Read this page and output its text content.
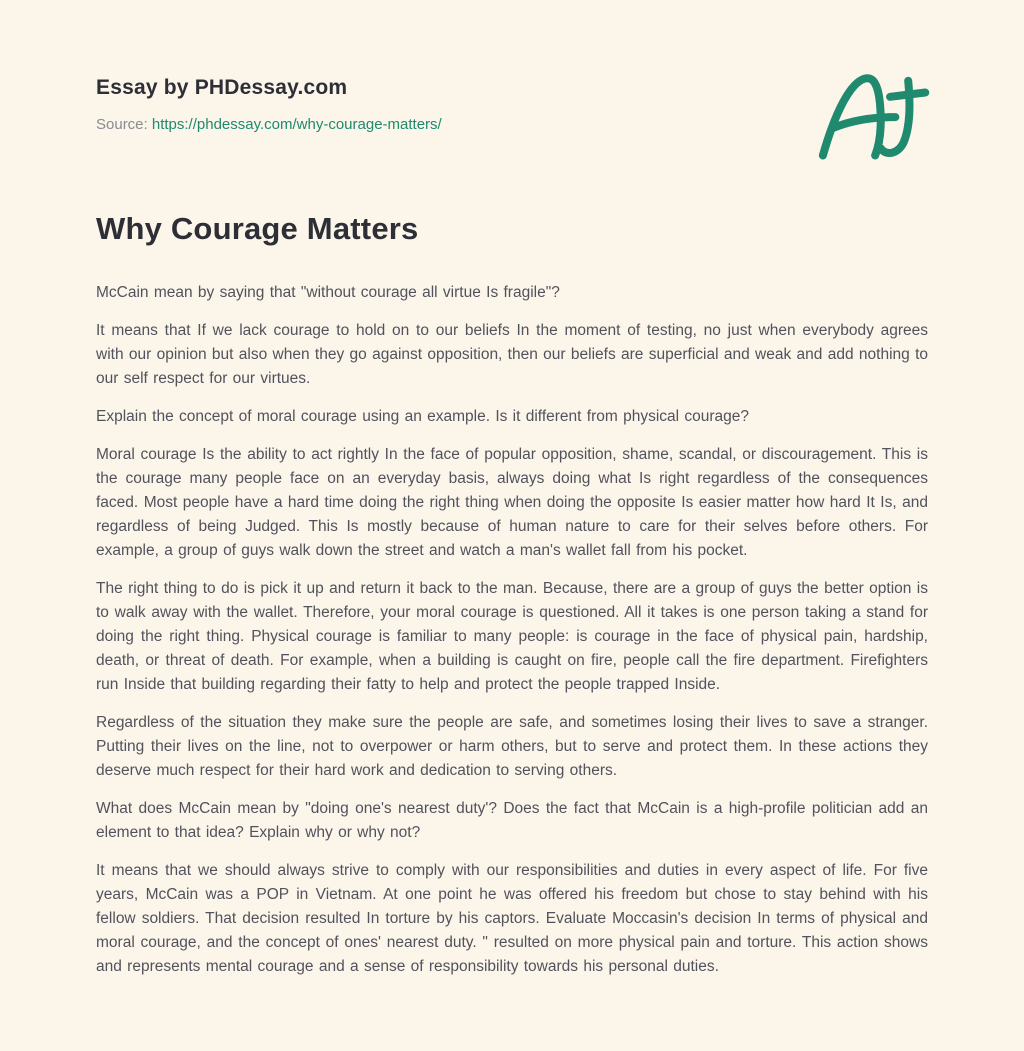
Essay by PHDessay.com
Source: https://phdessay.com/why-courage-matters/
Why Courage Matters

McCain mean by saying that "without courage all virtue Is fragile"?

It means that If we lack courage to hold on to our beliefs In the moment of testing, no just when everybody agrees with our opinion but also when they go against opposition, then our beliefs are superficial and weak and add nothing to our self respect for our virtues.

Explain the concept of moral courage using an example. Is it different from physical courage?

Moral courage Is the ability to act rightly In the face of popular opposition, shame, scandal, or discouragement. This is the courage many people face on an everyday basis, always doing what Is right regardless of the consequences faced. Most people have a hard time doing the right thing when doing the opposite Is easier matter how hard It Is, and regardless of being Judged. This Is mostly because of human nature to care for their selves before others. For example, a group of guys walk down the street and watch a man's wallet fall from his pocket.

The right thing to do is pick it up and return it back to the man. Because, there are a group of guys the better option is to walk away with the wallet. Therefore, your moral courage is questioned. All it takes is one person taking a stand for doing the right thing. Physical courage is familiar to many people: is courage in the face of physical pain, hardship, death, or threat of death. For example, when a building is caught on fire, people call the fire department. Firefighters run Inside that building regarding their fatty to help and protect the people trapped Inside.

Regardless of the situation they make sure the people are safe, and sometimes losing their lives to save a stranger. Putting their lives on the line, not to overpower or harm others, but to serve and protect them. In these actions they deserve much respect for their hard work and dedication to serving others.

What does McCain mean by "doing one's nearest duty'? Does the fact that McCain is a high-profile politician add an element to that idea? Explain why or why not?

It means that we should always strive to comply with our responsibilities and duties in every aspect of life. For five years, McCain was a POP in Vietnam. At one point he was offered his freedom but chose to stay behind with his fellow soldiers. That decision resulted In torture by his captors. Evaluate Moccasin's decision In terms of physical and moral courage, and the concept of ones' nearest duty. " resulted on more physical pain and torture. This action shows and represents mental courage and a sense of responsibility towards his personal duties.
